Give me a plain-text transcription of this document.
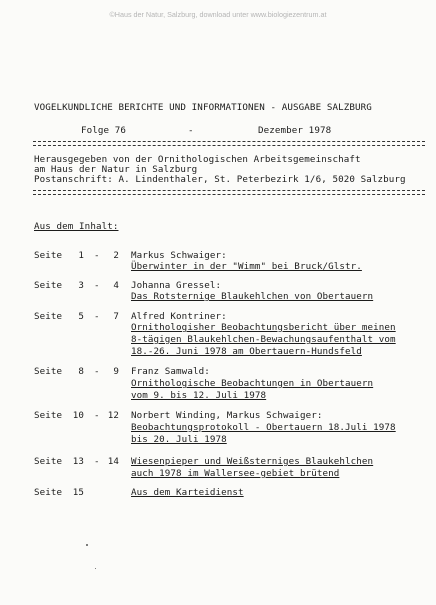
©Haus der Natur, Salzburg, download unter www.biologiezentrum.at
VOGELKUNDLICHE BERICHTE UND INFORMATIONEN - AUSGABE SALZBURG
Folge 76	-	Dezember 1978
Herausgegeben von der Ornithologischen Arbeitsgemeinschaft
am Haus der Natur in Salzburg
Postanschrift: A. Lindenthaler, St. Peterbezirk 1/6, 5020 Salzburg
Aus dem Inhalt:
Seite	1 -	2 Markus Schwaiger:
Überwinter in der "Wimm" bei Bruck/Glstr.
Seite	3 -	4 Johanna Gressel:
Das Rotsternige Blaukehlchen von Obertauern
Seite	5 -	7 Alfred Kontriner:
Ornithologisher Beobachtungsbericht über meinen
8-tägigen Blaukehlchen-Bewachungsaufenthalt vom
18.-26. Juni 1978 am Obertauern-Hundsfeld
Seite	8 -	9 Franz Samwald:
Ornithologische Beobachtungen in Obertauern
vom 9. bis 12. Juli 1978
Seite 10 - 12 Norbert Winding, Markus Schwaiger:
Beobachtungsprotokoll - Obertauern 18.Juli 1978
bis 20. Juli 1978
Seite 13 - 14 Wiesenpieper und Weißsterniges Blaukehlchen
auch 1978 im Wallersee-gebiet brütend
Seite 15	Aus dem Karteidienst
